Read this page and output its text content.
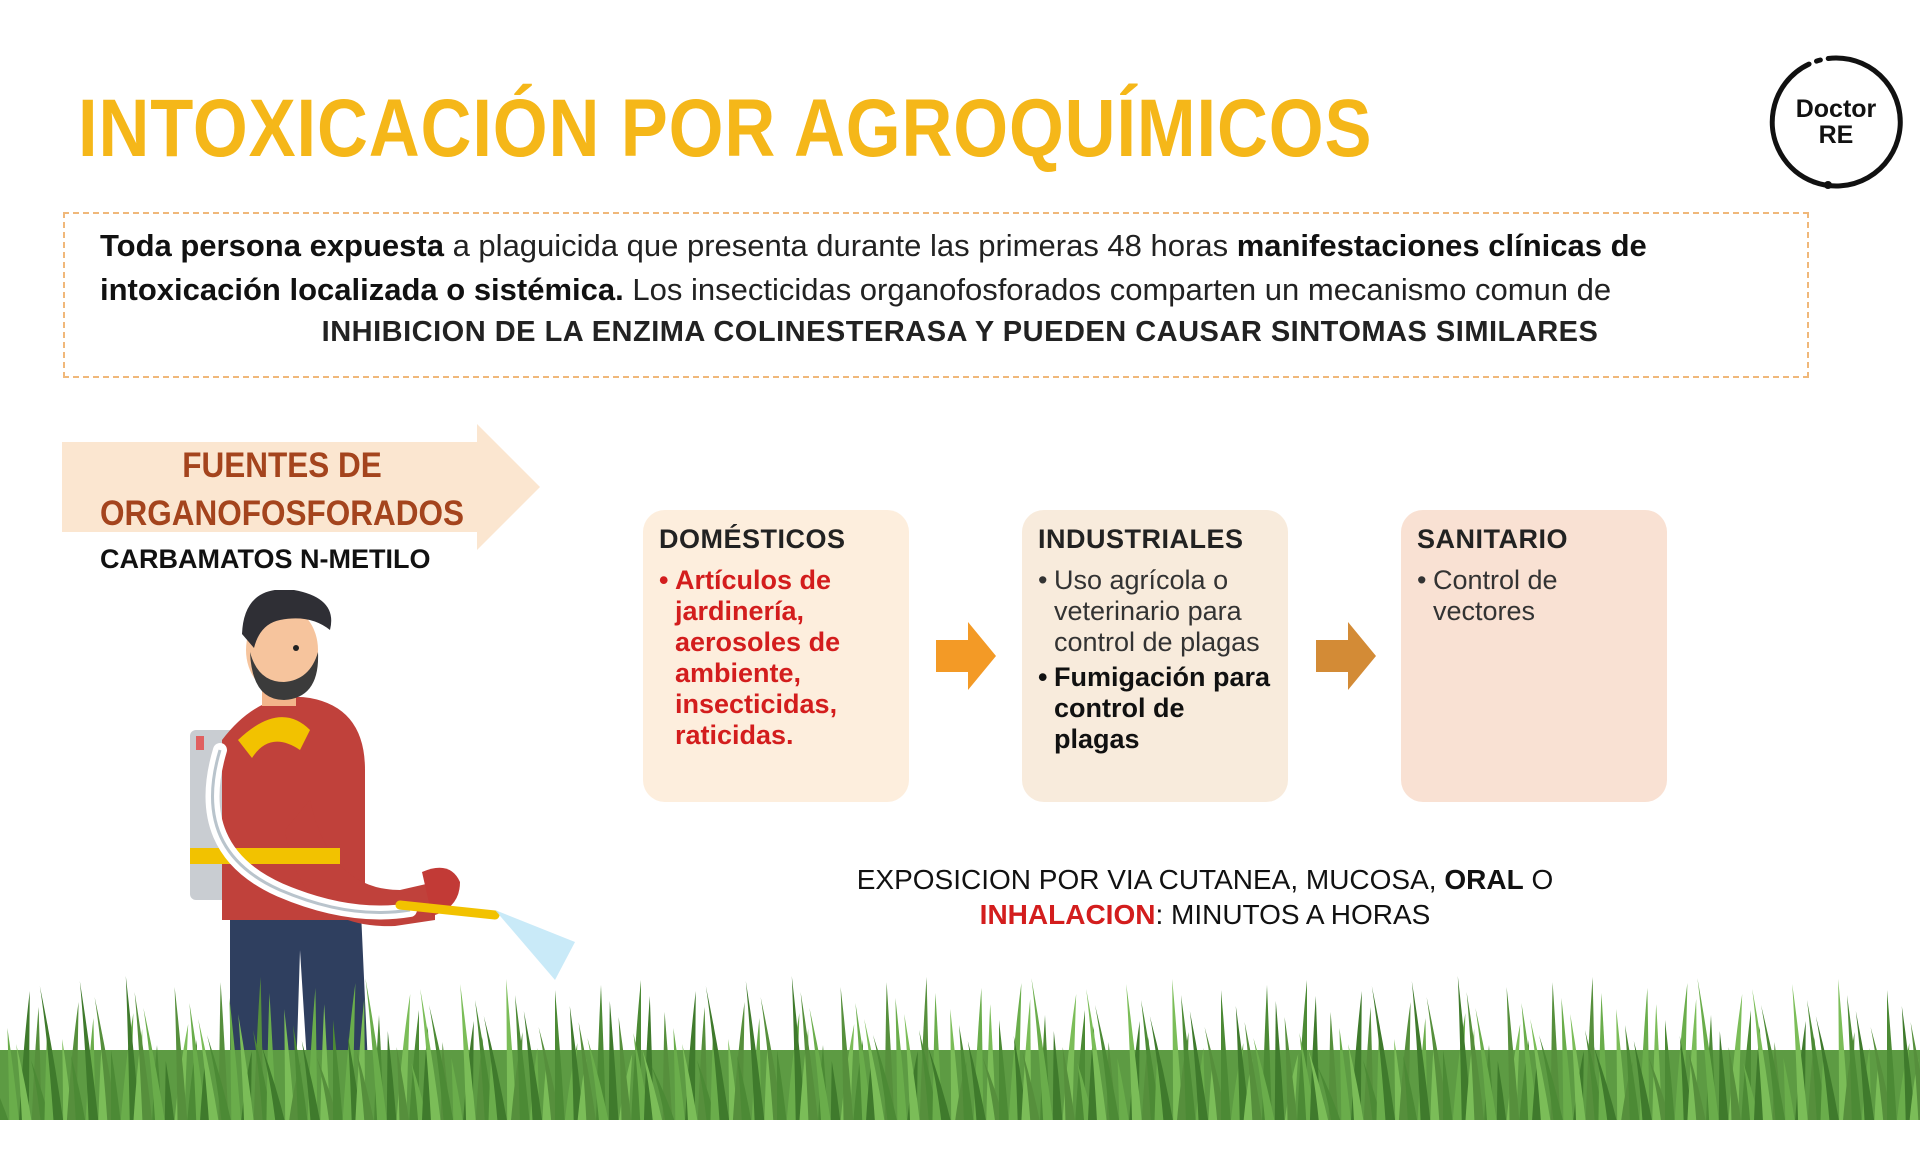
INTOXICACIÓN POR AGROQUÍMICOS	Doctor
RE
Toda persona expuesta a plaguicida que presenta durante las primeras 48 horas manifestaciones clínicas de
intoxicación localizada o sistémica. Los insecticidas organofosforados comparten un mecanismo comun de
INHIBICION DE LA ENZIMA COLINESTERASA Y PUEDEN CAUSAR SINTOMAS SIMILARES
FUENTES DE
ORGANOFOSFORADOS
CARBAMATOS N-METILO
DOMÉSTICOS
• Artículos de jardinería, aerosoles de ambiente, insecticidas, raticidas.
INDUSTRIALES
• Uso agrícola o veterinario para control de plagas
• Fumigación para control de plagas
SANITARIO
• Control de vectores
EXPOSICION POR VIA CUTANEA, MUCOSA, ORAL O
INHALACION: MINUTOS A HORAS
